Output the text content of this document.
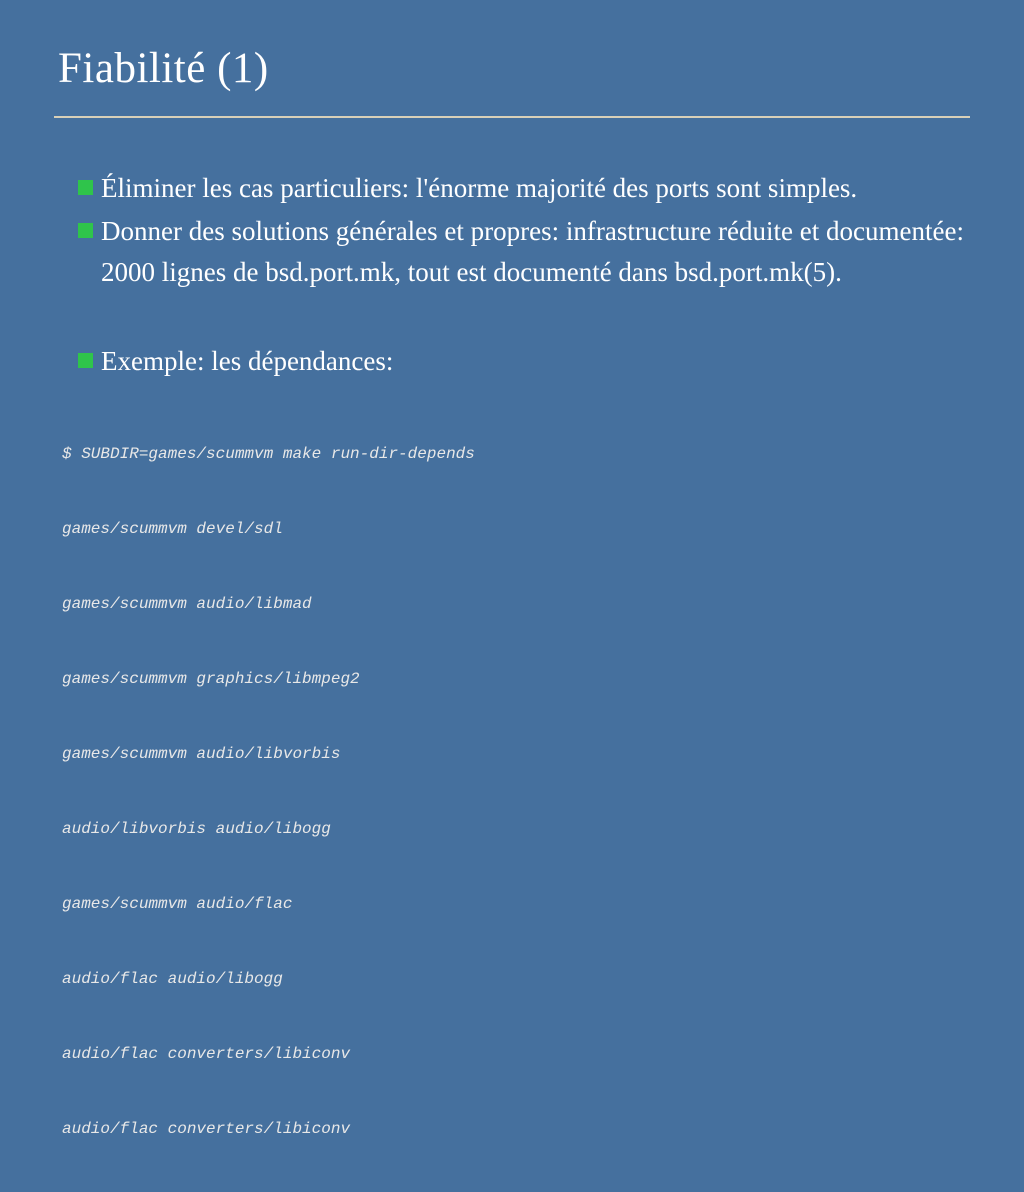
Fiabilité (1)
Éliminer les cas particuliers: l'énorme majorité des ports sont simples.
Donner des solutions générales et propres: infrastructure réduite et documentée: 2000 lignes de bsd.port.mk, tout est documenté dans bsd.port.mk(5).
Exemple: les dépendances:

$ SUBDIR=games/scummvm make run-dir-depends

games/scummvm devel/sdl

games/scummvm audio/libmad

games/scummvm graphics/libmpeg2

games/scummvm audio/libvorbis

audio/libvorbis audio/libogg

games/scummvm audio/flac

audio/flac audio/libogg

audio/flac converters/libiconv

audio/flac converters/libiconv
